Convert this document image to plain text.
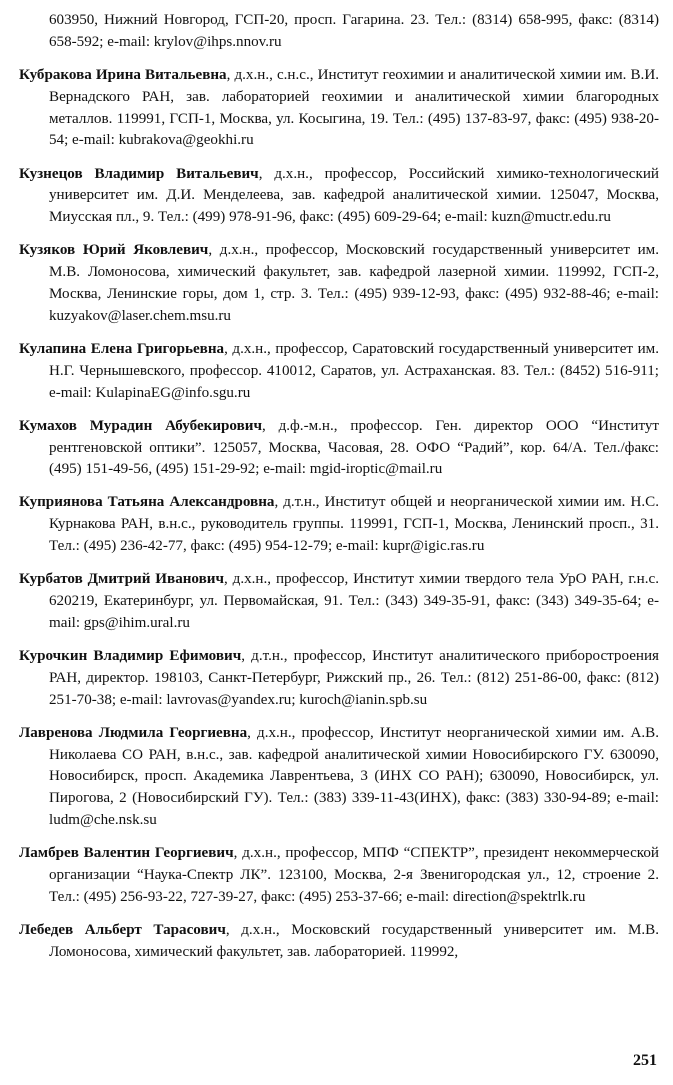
603950, Нижний Новгород, ГСП-20, просп. Гагарина. 23. Тел.: (8314) 658-995, факс: (8314) 658-592; e-mail: krylov@ihps.nnov.ru

Кубракова Ирина Витальевна, д.х.н., с.н.с., Институт геохимии и аналитической химии им. В.И. Вернадского РАН, зав. лабораторией геохимии и аналитической химии благородных металлов. 119991, ГСП-1, Москва, ул. Косыгина, 19. Тел.: (495) 137-83-97, факс: (495) 938-20-54; e-mail: kubrakova@geokhi.ru

Кузнецов Владимир Витальевич, д.х.н., профессор, Российский химико-технологический университет им. Д.И. Менделеева, зав. кафедрой аналитической химии. 125047, Москва, Миусская пл., 9. Тел.: (499) 978-91-96, факс: (495) 609-29-64; e-mail: kuzn@muctr.edu.ru

Кузяков Юрий Яковлевич, д.х.н., профессор, Московский государственный университет им. М.В. Ломоносова, химический факультет, зав. кафедрой лазерной химии. 119992, ГСП-2, Москва, Ленинские горы, дом 1, стр. 3. Тел.: (495) 939-12-93, факс: (495) 932-88-46; e-mail: kuzyakov@laser.chem.msu.ru

Кулапина Елена Григорьевна, д.х.н., профессор, Саратовский государственный университет им. Н.Г. Чернышевского, профессор. 410012, Саратов, ул. Астраханская. 83. Тел.: (8452) 516-911; e-mail: KulapinaEG@info.sgu.ru

Кумахов Мурадин Абубекирович, д.ф.-м.н., профессор. Ген. директор ООО “Институт рентгеновской оптики”. 125057, Москва, Часовая, 28. ОФО “Радий”, кор. 64/А. Тел./факс: (495) 151-49-56, (495) 151-29-92; e-mail: mgid-iroptic@mail.ru

Куприянова Татьяна Александровна, д.т.н., Институт общей и неорганической химии им. Н.С. Курнакова РАН, в.н.с., руководитель группы. 119991, ГСП-1, Москва, Ленинский просп., 31. Тел.: (495) 236-42-77, факс: (495) 954-12-79; e-mail: kupr@igic.ras.ru

Курбатов Дмитрий Иванович, д.х.н., профессор, Институт химии твердого тела УрО РАН, г.н.с. 620219, Екатеринбург, ул. Первомайская, 91. Тел.: (343) 349-35-91, факс: (343) 349-35-64; e-mail: gps@ihim.ural.ru

Курочкин Владимир Ефимович, д.т.н., профессор, Институт аналитического приборостроения РАН, директор. 198103, Санкт-Петербург, Рижский пр., 26. Тел.: (812) 251-86-00, факс: (812) 251-70-38; e-mail: lavrovas@yandex.ru; kuroch@ianin.spb.su

Лавренова Людмила Георгиевна, д.х.н., профессор, Институт неорганической химии им. А.В. Николаева СО РАН, в.н.с., зав. кафедрой аналитической химии Новосибирского ГУ. 630090, Новосибирск, просп. Академика Лаврентьева, 3 (ИНХ СО РАН); 630090, Новосибирск, ул. Пирогова, 2 (Новосибирский ГУ). Тел.: (383) 339-11-43(ИНХ), факс: (383) 330-94-89; e-mail: ludm@che.nsk.su

Ламбрев Валентин Георгиевич, д.х.н., профессор, МПФ “СПЕКТР”, президент некоммерческой организации “Наука-Спектр ЛК”. 123100, Москва, 2-я Звенигородская ул., 12, строение 2. Тел.: (495) 256-93-22, 727-39-27, факс: (495) 253-37-66; e-mail: direction@spektrlk.ru

Лебедев Альберт Тарасович, д.х.н., Московский государственный университет им. М.В. Ломоносова, химический факультет, зав. лабораторией. 119992,

251
